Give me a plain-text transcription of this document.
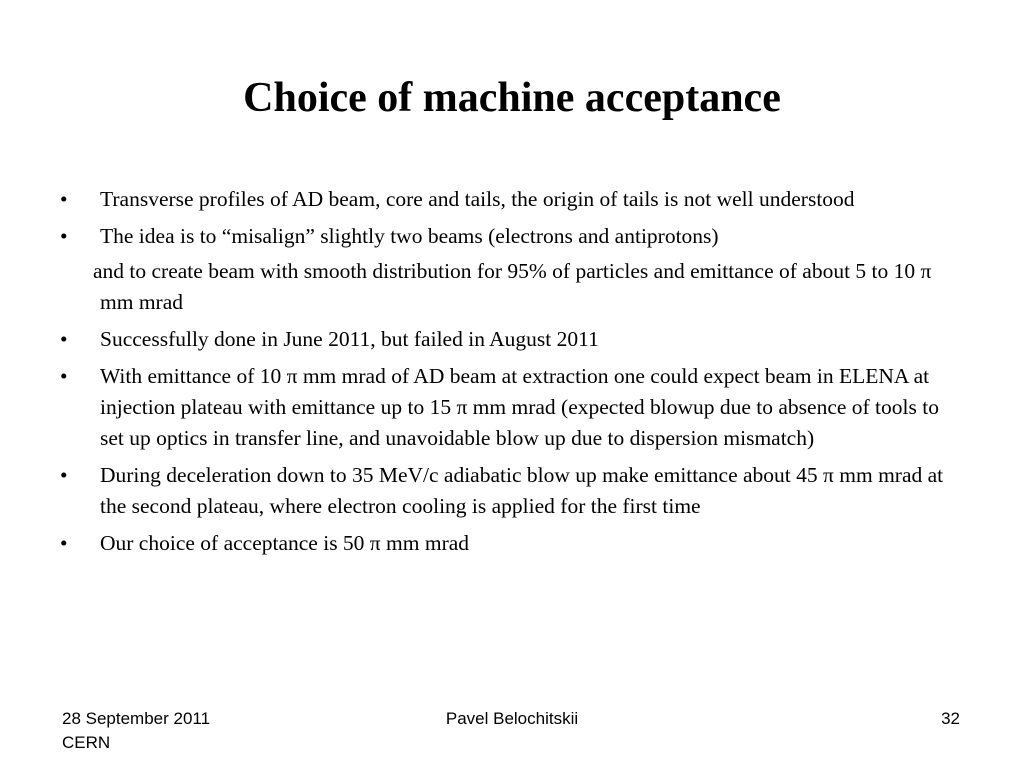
Choice of machine acceptance
• Transverse profiles of AD beam, core and tails, the origin of tails is not well understood
• The idea is to “misalign” slightly two beams (electrons and antiprotons)
and to create beam with smooth distribution for 95% of particles and emittance of about 5 to 10 π mm mrad
• Successfully done in June 2011, but failed in August 2011
• With emittance of 10 π mm mrad of AD beam at extraction one could expect beam in ELENA at injection plateau with emittance up to 15 π mm mrad (expected blowup due to absence of tools to set up optics in transfer line, and unavoidable blow up due to dispersion mismatch)
• During deceleration down to 35 MeV/c adiabatic blow up make emittance about 45 π mm mrad at the second plateau, where electron cooling is applied for the first time
• Our choice of acceptance is 50 π mm mrad
28 September 2011
CERN
Pavel Belochitskii	32
